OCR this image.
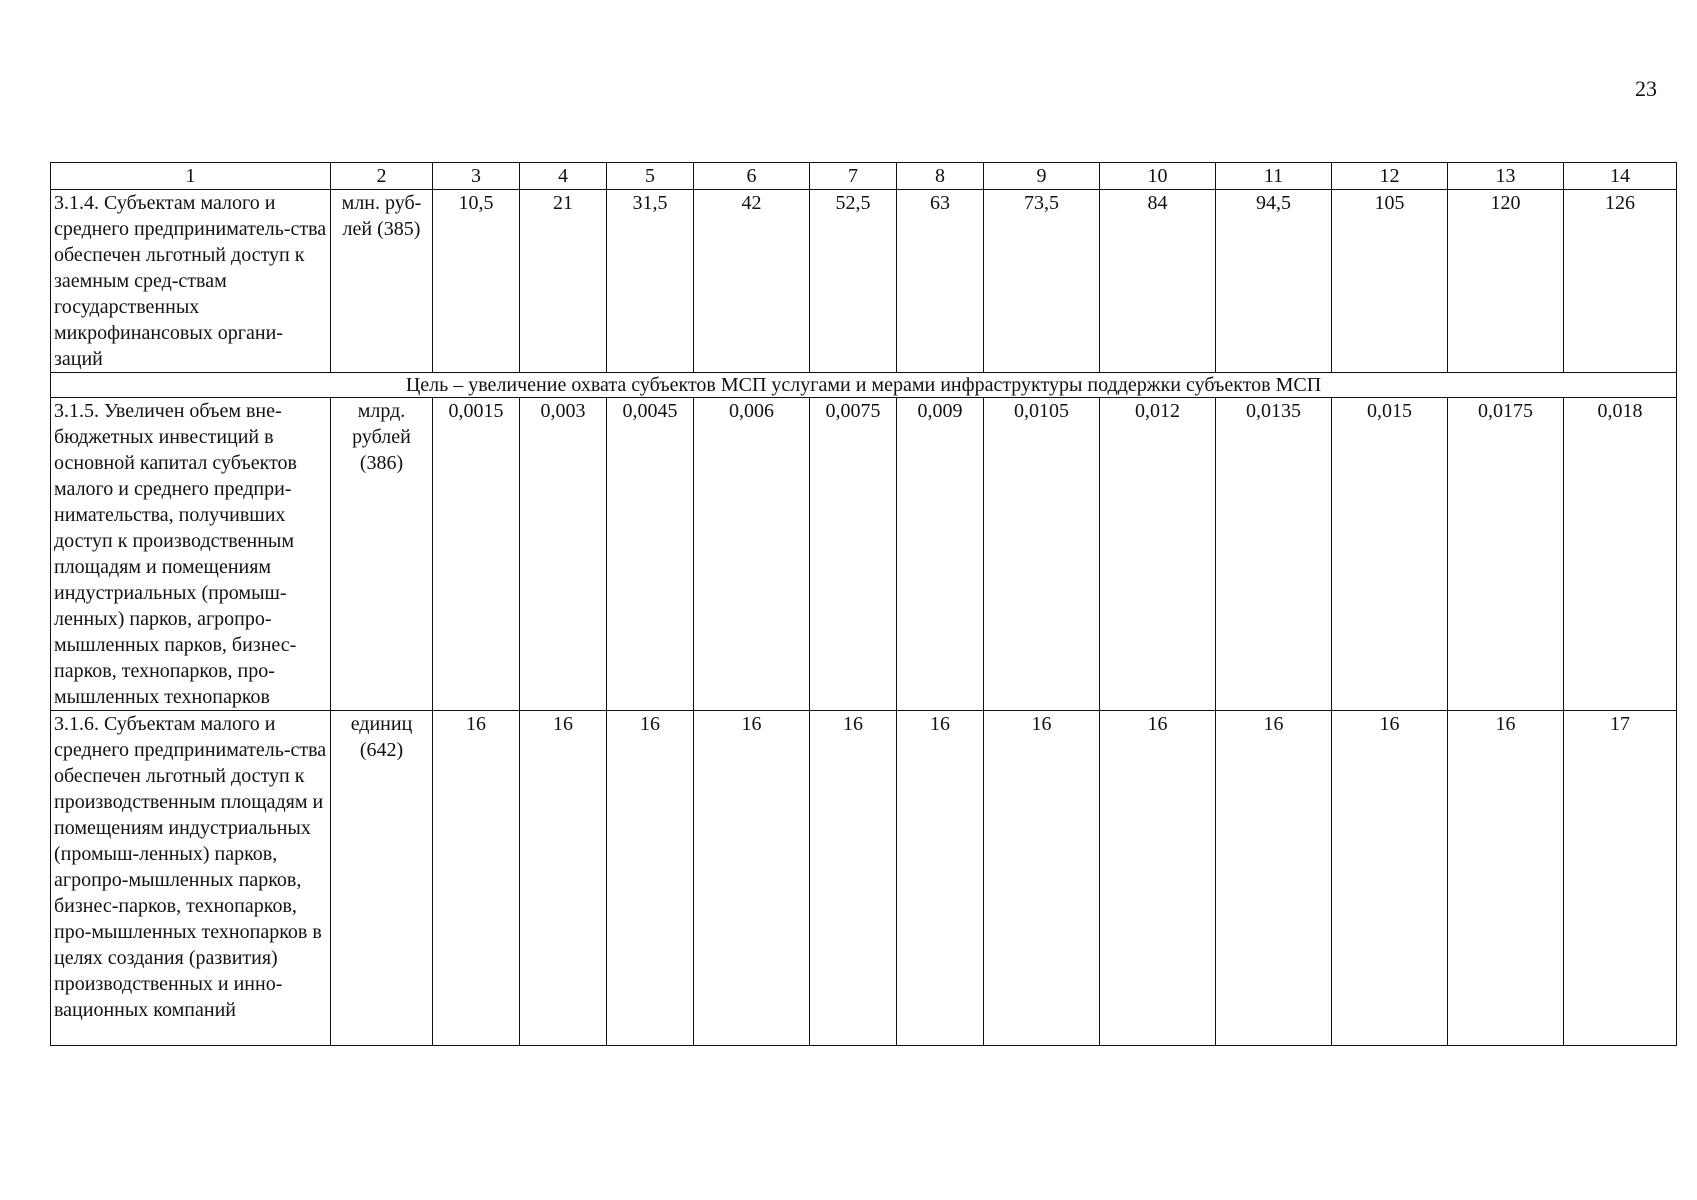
23
1	2	3	4	5	6	7	8	9	10	11	12	13	14
3.1.4. Субъектам малого и среднего предприниматель-ства обеспечен льготный доступ к заемным сред-ствам государственных микрофинансовых органи-заций	млн. руб-лей (385)	10,5	21	31,5	42	52,5	63	73,5	84	94,5	105	120	126
Цель – увеличение охвата субъектов МСП услугами и мерами инфраструктуры поддержки субъектов МСП													
3.1.5. Увеличен объем вне-бюджетных инвестиций в основной капитал субъектов малого и среднего предпри-нимательства, получивших доступ к производственным площадям и помещениям индустриальных (промыш-ленных) парков, агропро-мышленных парков, бизнес-парков, технопарков, про-мышленных технопарков	млрд. рублей (386)	0,0015	0,003	0,0045	0,006	0,0075	0,009	0,0105	0,012	0,0135	0,015	0,0175	0,018
3.1.6. Субъектам малого и среднего предприниматель-ства обеспечен льготный доступ к производственным площадям и помещениям индустриальных (промыш-ленных) парков, агропро-мышленных парков, бизнес-парков, технопарков, про-мышленных технопарков в целях создания (развития) производственных и инно-вационных компаний	единиц (642)	16	16	16	16	16	16	16	16	16	16	16	17
